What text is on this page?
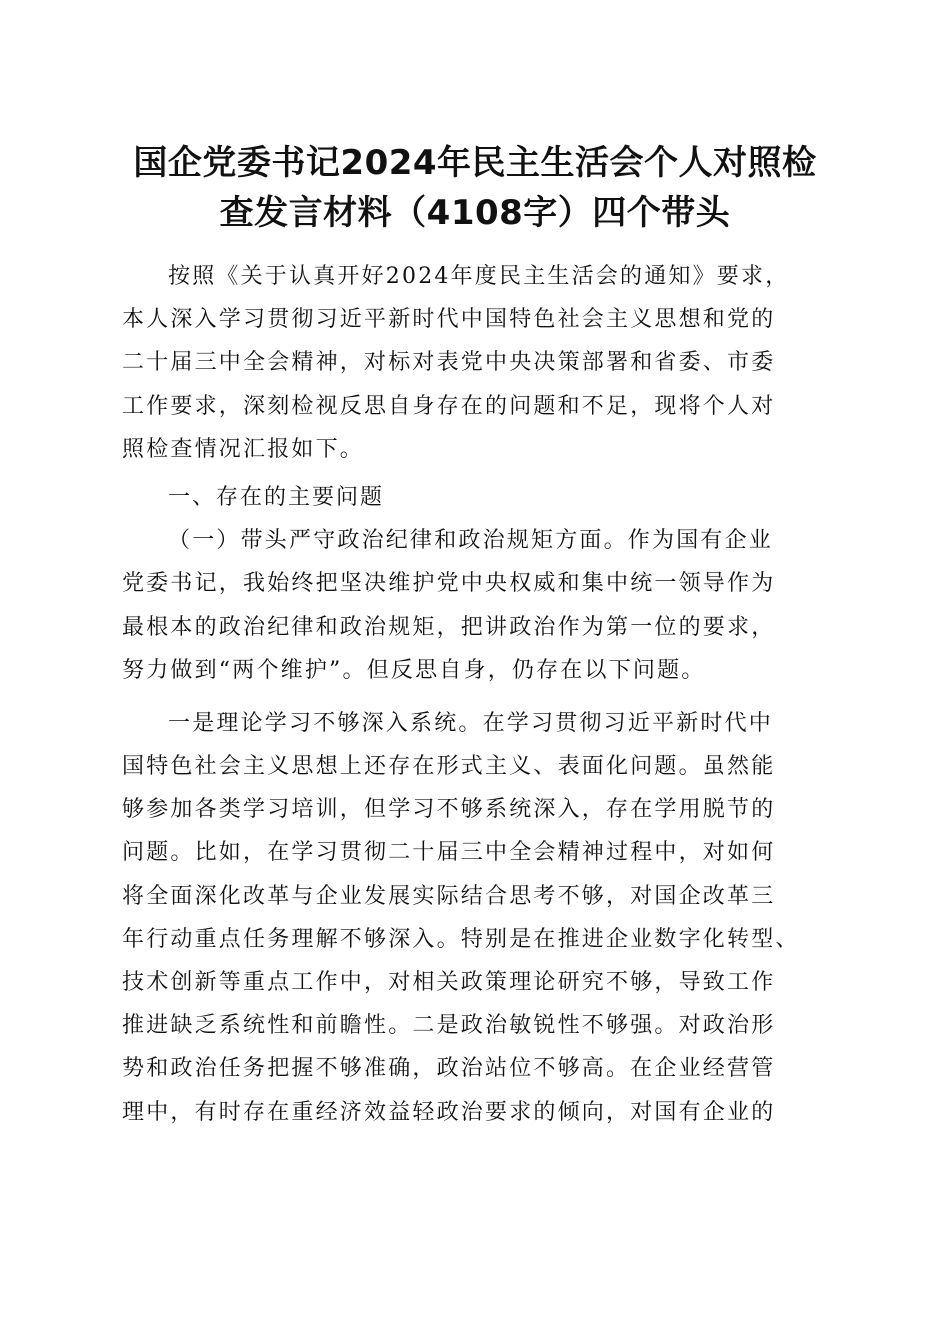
国企党委书记2024年民主生活会个人对照检
查发言材料（4108字）四个带头
按照《关于认真开好2024年度民主生活会的通知》要求，
本人深入学习贯彻习近平新时代中国特色社会主义思想和党的
二十届三中全会精神，对标对表党中央决策部署和省委、市委
工作要求，深刻检视反思自身存在的问题和不足，现将个人对
照检查情况汇报如下。
一、存在的主要问题
（一）带头严守政治纪律和政治规矩方面。作为国有企业
党委书记，我始终把坚决维护党中央权威和集中统一领导作为
最根本的政治纪律和政治规矩，把讲政治作为第一位的要求，
努力做到“两个维护”。但反思自身，仍存在以下问题。
一是理论学习不够深入系统。在学习贯彻习近平新时代中
国特色社会主义思想上还存在形式主义、表面化问题。虽然能
够参加各类学习培训，但学习不够系统深入，存在学用脱节的
问题。比如，在学习贯彻二十届三中全会精神过程中，对如何
将全面深化改革与企业发展实际结合思考不够，对国企改革三
年行动重点任务理解不够深入。特别是在推进企业数字化转型、
技术创新等重点工作中，对相关政策理论研究不够，导致工作
推进缺乏系统性和前瞻性。二是政治敏锐性不够强。对政治形
势和政治任务把握不够准确，政治站位不够高。在企业经营管
理中，有时存在重经济效益轻政治要求的倾向，对国有企业的
